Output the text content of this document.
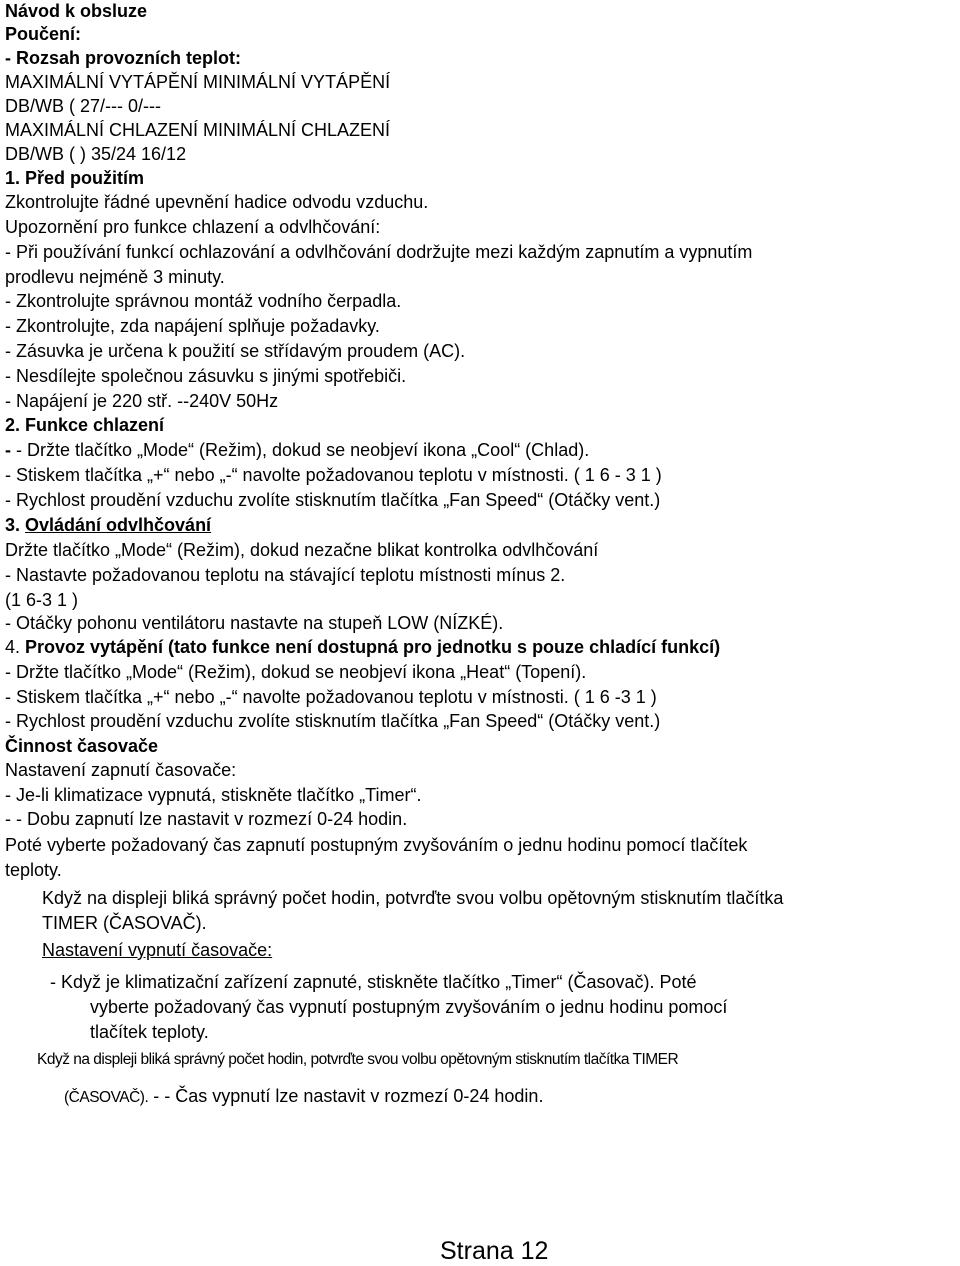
Návod k obsluze
Poučení:
- Rozsah provozních teplot:
MAXIMÁLNÍ VYTÁPĚNÍ MINIMÁLNÍ VYTÁPĚNÍ
DB/WB ( 27/--- 0/---
MAXIMÁLNÍ CHLAZENÍ MINIMÁLNÍ CHLAZENÍ
DB/WB ( ) 35/24 16/12
1. Před použitím
Zkontrolujte řádné upevnění hadice odvodu vzduchu.
Upozornění pro funkce chlazení a odvlhčování:
- Při používání funkcí ochlazování a odvlhčování dodržujte mezi každým zapnutím a vypnutím
prodlevu nejméně 3 minuty.
- Zkontrolujte správnou montáž vodního čerpadla.
- Zkontrolujte, zda napájení splňuje požadavky.
- Zásuvka je určena k použití se střídavým proudem (AC).
- Nesdílejte společnou zásuvku s jinými spotřebiči.
- Napájení je 220 stř. --240V 50Hz
2. Funkce chlazení
- - Držte tlačítko „Mode“ (Režim), dokud se neobjeví ikona „Cool“ (Chlad).
- Stiskem tlačítka „+“ nebo „-“ navolte požadovanou teplotu v místnosti. ( 1 6 - 3 1 )
- Rychlost proudění vzduchu zvolíte stisknutím tlačítka „Fan Speed“ (Otáčky vent.)
3. Ovládání odvlhčování
Držte tlačítko „Mode“ (Režim), dokud nezačne blikat kontrolka odvlhčování
- Nastavte požadovanou teplotu na stávající teplotu místnosti mínus 2.
(1 6-3 1 )
- Otáčky pohonu ventilátoru nastavte na stupeň LOW (NÍZKÉ).
4. Provoz vytápění (tato funkce není dostupná pro jednotku s pouze chladící funkcí)
- Držte tlačítko „Mode“ (Režim), dokud se neobjeví ikona „Heat“ (Topení).
- Stiskem tlačítka „+“ nebo „-“ navolte požadovanou teplotu v místnosti. ( 1 6 -3 1 )
- Rychlost proudění vzduchu zvolíte stisknutím tlačítka „Fan Speed“ (Otáčky vent.)
Činnost časovače
Nastavení zapnutí časovače:
- Je-li klimatizace vypnutá, stiskněte tlačítko „Timer“.
- - Dobu zapnutí lze nastavit v rozmezí 0-24 hodin.
Poté vyberte požadovaný čas zapnutí postupným zvyšováním o jednu hodinu pomocí tlačítek
teploty.
Když na displeji bliká správný počet hodin, potvrďte svou volbu opětovným stisknutím tlačítka
TIMER (ČASOVAČ).
Nastavení vypnutí časovače:
- Když je klimatizační zařízení zapnuté, stiskněte tlačítko „Timer“ (Časovač). Poté
vyberte požadovaný čas vypnutí postupným zvyšováním o jednu hodinu pomocí
tlačítek teploty.
Když na displeji bliká správný počet hodin, potvrďte svou volbu opětovným stisknutím tlačítka TIMER
(ČASOVAČ). - - Čas vypnutí lze nastavit v rozmezí 0-24 hodin.
Strana 12
